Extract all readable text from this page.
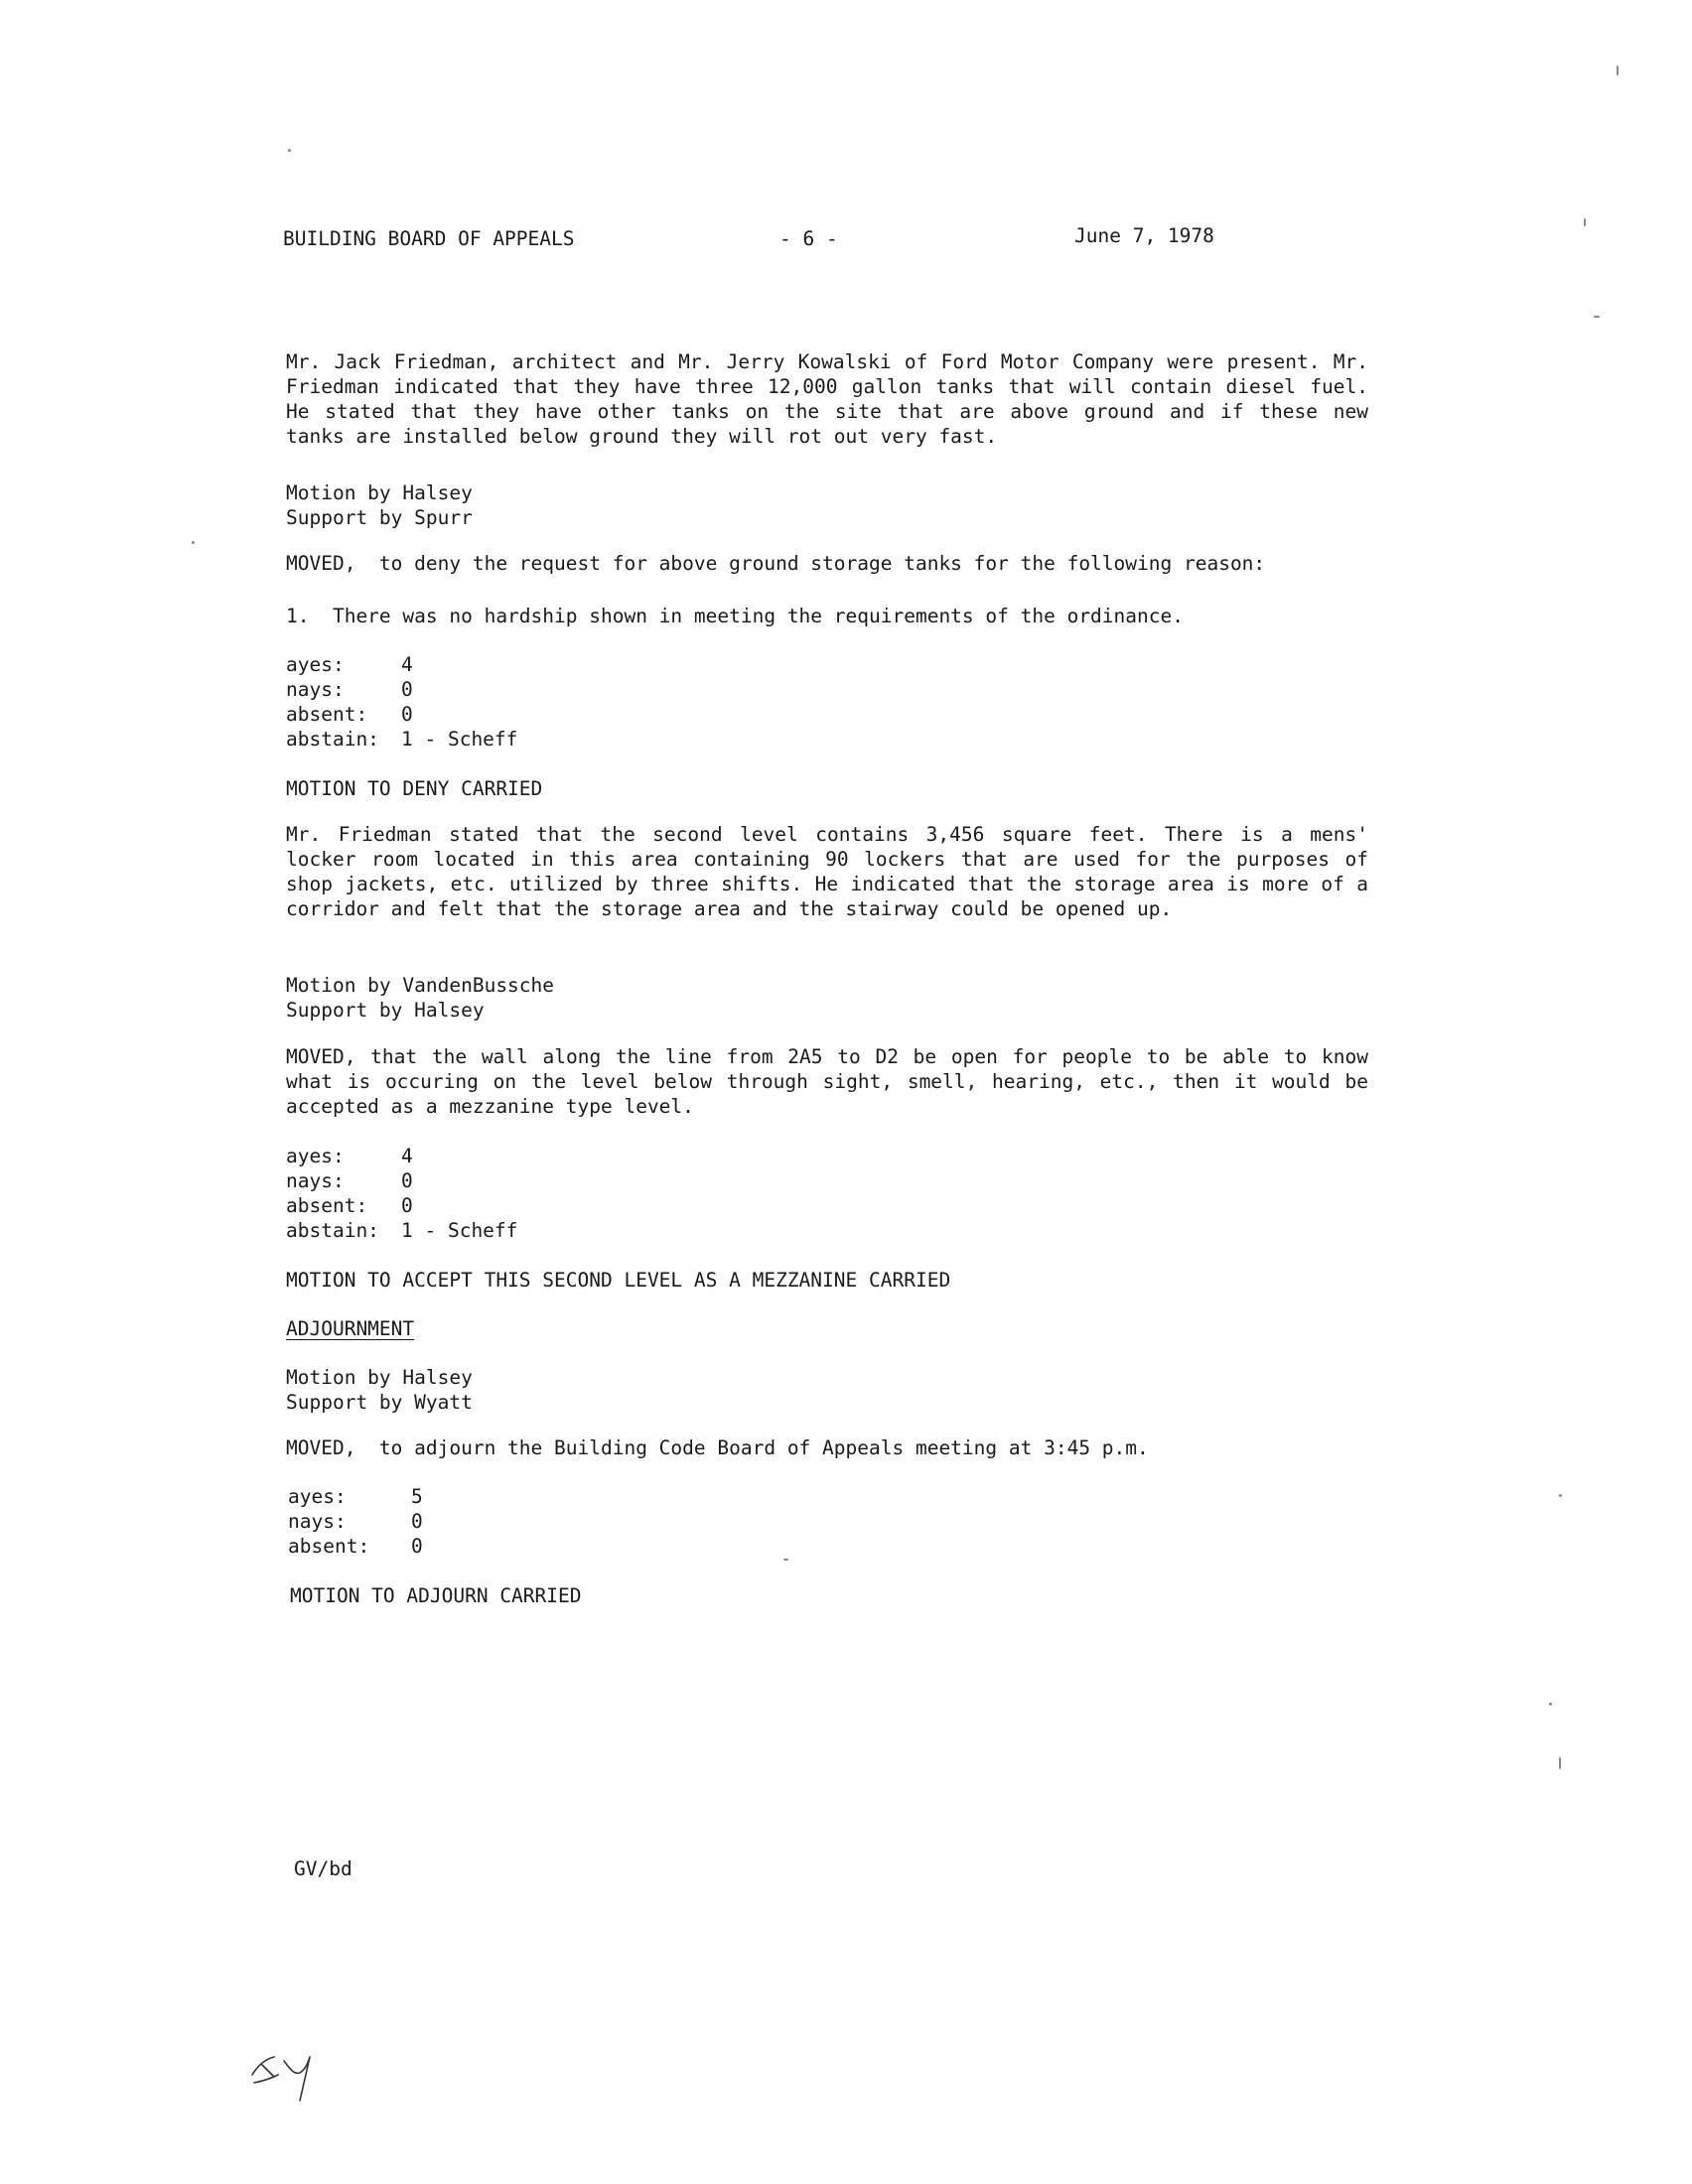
BUILDING BOARD OF APPEALS	- 6 -	June 7, 1978
Mr. Jack Friedman, architect and Mr. Jerry Kowalski of Ford Motor Company were present. Mr. Friedman indicated that they have three 12,000 gallon tanks that will contain diesel fuel. He stated that they have other tanks on the site that are above ground and if these new tanks are installed below ground they will rot out very fast.
Motion by Halsey
Support by Spurr
MOVED,  to deny the request for above ground storage tanks for the following reason:
1.  There was no hardship shown in meeting the requirements of the ordinance.
ayes:	4
nays:	0
absent:	0
abstain:	1 - Scheff
MOTION TO DENY CARRIED
Mr. Friedman stated that the second level contains 3,456 square feet. There is a mens' locker room located in this area containing 90 lockers that are used for the purposes of shop jackets, etc. utilized by three shifts. He indicated that the storage area is more of a corridor and felt that the storage area and the stairway could be opened up.
Motion by VandenBussche
Support by Halsey
MOVED, that the wall along the line from 2A5 to D2 be open for people to be able to know what is occuring on the level below through sight, smell, hearing, etc., then it would be accepted as a mezzanine type level.
ayes:	4
nays:	0
absent:	0
abstain:	1 - Scheff
MOTION TO ACCEPT THIS SECOND LEVEL AS A MEZZANINE CARRIED
ADJOURNMENT
Motion by Halsey
Support by Wyatt
MOVED,  to adjourn the Building Code Board of Appeals meeting at 3:45 p.m.
ayes:	5
nays:	0
absent:	0
MOTION TO ADJOURN CARRIED
GV/bd
